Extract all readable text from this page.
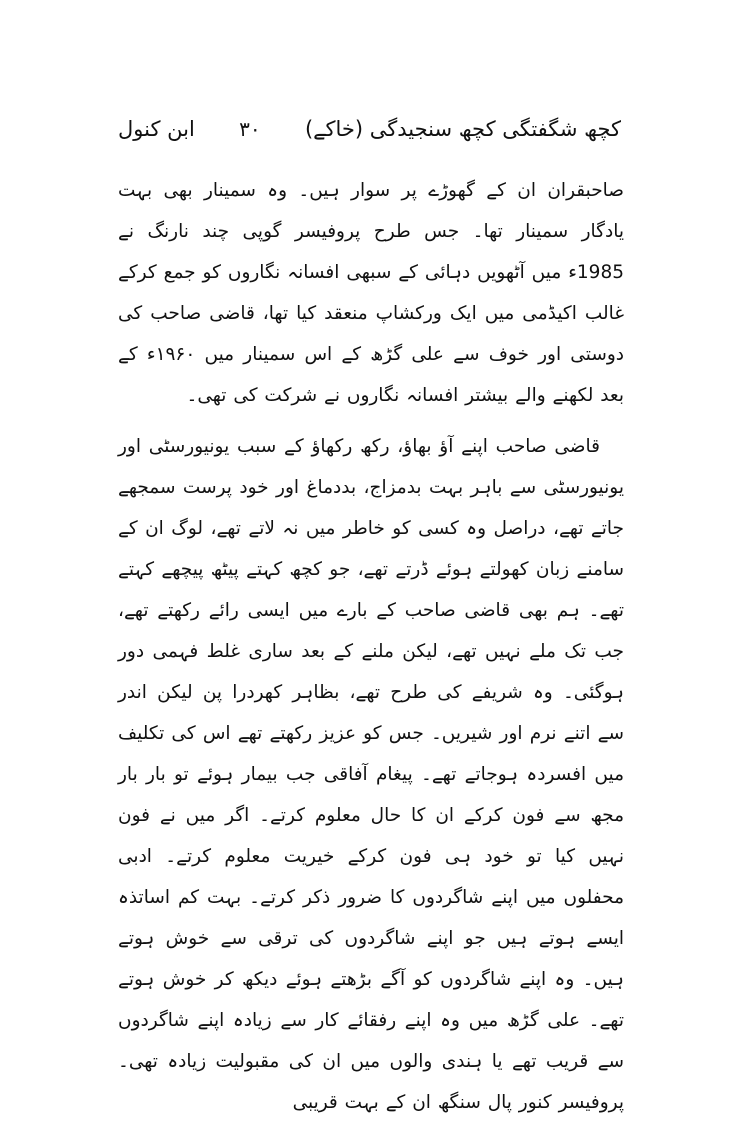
کچھ شگفتگی کچھ سنجیدگی (خاکے)
۳۰
ابن کنول

صاحبقران ان کے گھوڑے پر سوار ہیں۔ وہ سمینار بھی بہت یادگار سمینار تھا۔ جس طرح پروفیسر گوپی چند نارنگ نے 1985ء میں آٹھویں دہائی کے سبھی افسانہ نگاروں کو جمع کرکے غالب اکیڈمی میں ایک ورکشاپ منعقد کیا تھا، قاضی صاحب کی دوستی اور خوف سے علی گڑھ کے اس سمینار میں ۱۹۶۰ء کے بعد لکھنے والے بیشتر افسانہ نگاروں نے شرکت کی تھی۔

قاضی صاحب اپنے آؤ بھاؤ، رکھ رکھاؤ کے سبب یونیورسٹی اور یونیورسٹی سے باہر بہت بدمزاج، بددماغ اور خود پرست سمجھے جاتے تھے، دراصل وہ کسی کو خاطر میں نہ لاتے تھے، لوگ ان کے سامنے زبان کھولتے ہوئے ڈرتے تھے، جو کچھ کہتے پیٹھ پیچھے کہتے تھے۔ ہم بھی قاضی صاحب کے بارے میں ایسی رائے رکھتے تھے، جب تک ملے نہیں تھے، لیکن ملنے کے بعد ساری غلط فہمی دور ہوگئی۔ وہ شریفے کی طرح تھے، بظاہر کھردرا پن لیکن اندر سے اتنے نرم اور شیریں۔ جس کو عزیز رکھتے تھے اس کی تکلیف میں افسردہ ہوجاتے تھے۔ پیغام آفاقی جب بیمار ہوئے تو بار بار مجھ سے فون کرکے ان کا حال معلوم کرتے۔ اگر میں نے فون نہیں کیا تو خود ہی فون کرکے خیریت معلوم کرتے۔ ادبی محفلوں میں اپنے شاگردوں کا ضرور ذکر کرتے۔ بہت کم اساتذہ ایسے ہوتے ہیں جو اپنے شاگردوں کی ترقی سے خوش ہوتے ہیں۔ وہ اپنے شاگردوں کو آگے بڑھتے ہوئے دیکھ کر خوش ہوتے تھے۔ علی گڑھ میں وہ اپنے رفقائے کار سے زیادہ اپنے شاگردوں سے قریب تھے یا ہندی والوں میں ان کی مقبولیت زیادہ تھی۔ پروفیسر کنور پال سنگھ ان کے بہت قریبی
